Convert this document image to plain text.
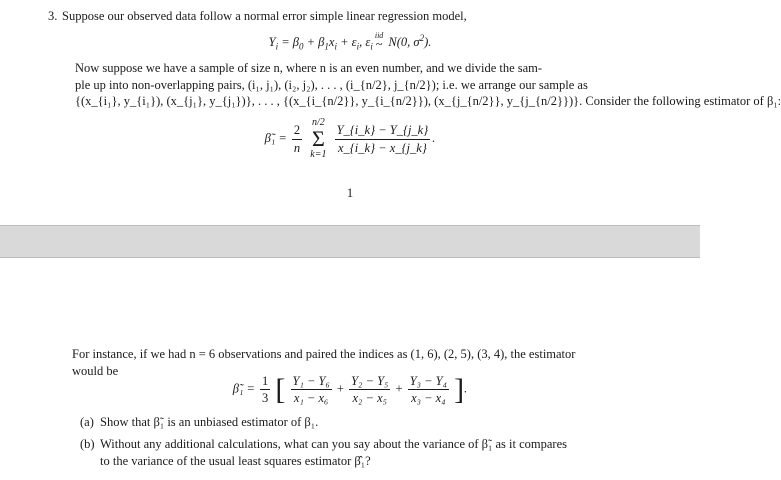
3. Suppose our observed data follow a normal error simple linear regression model,
$Y_i = \beta_0 + \beta_1x_i + \varepsilon_i$, $\varepsilon_i$
iid
~ N(0, $\sigma^2$).
Now suppose we have a sample of size n, where n is an even number, and we divide the sam-
ple up into non-overlapping pairs, (i₁, j₁), (i₂, j₂), . . . , (i_{n/2}, j_{n/2}); i.e. we arrange our sample as
{(x_{i₁}, y_{i₁}), (x_{j₁}, y_{j₁})}, . . . , {(x_{i_{n/2}}, y_{i_{n/2}}), (x_{j_{n/2}}, y_{j_{n/2}})}. Consider the following estimator of β₁:
β̃₁ = $\frac{2}{n} n/2$
Σ
$k=1 \frac{Y\_\{i\_k\} - Y\_\{j\_k\}}{x\_\{i\_k\} - x\_\{j\_k\}}$ .
1
For instance, if we had n = 6 observations and paired the indices as (1, 6), (2, 5), (3, 4), the estimator
would be
β̃₁ = $\frac{1}{3}$ [ $\frac{\text{Y₁ − Y₆}}{\text{x₁ − x₆}} + \frac{\text{Y₂ − Y₅}}{\text{x₂ − x₅}} + \frac{\text{Y₃ − Y₄}}{\text{x₃ − x₄}}$ ].
(a) Show that β̃₁ is an unbiased estimator of β₁.
(b) Without any additional calculations, what can you say about the variance of β̃₁ as it compares
to the variance of the usual least squares estimator β̂₁?
